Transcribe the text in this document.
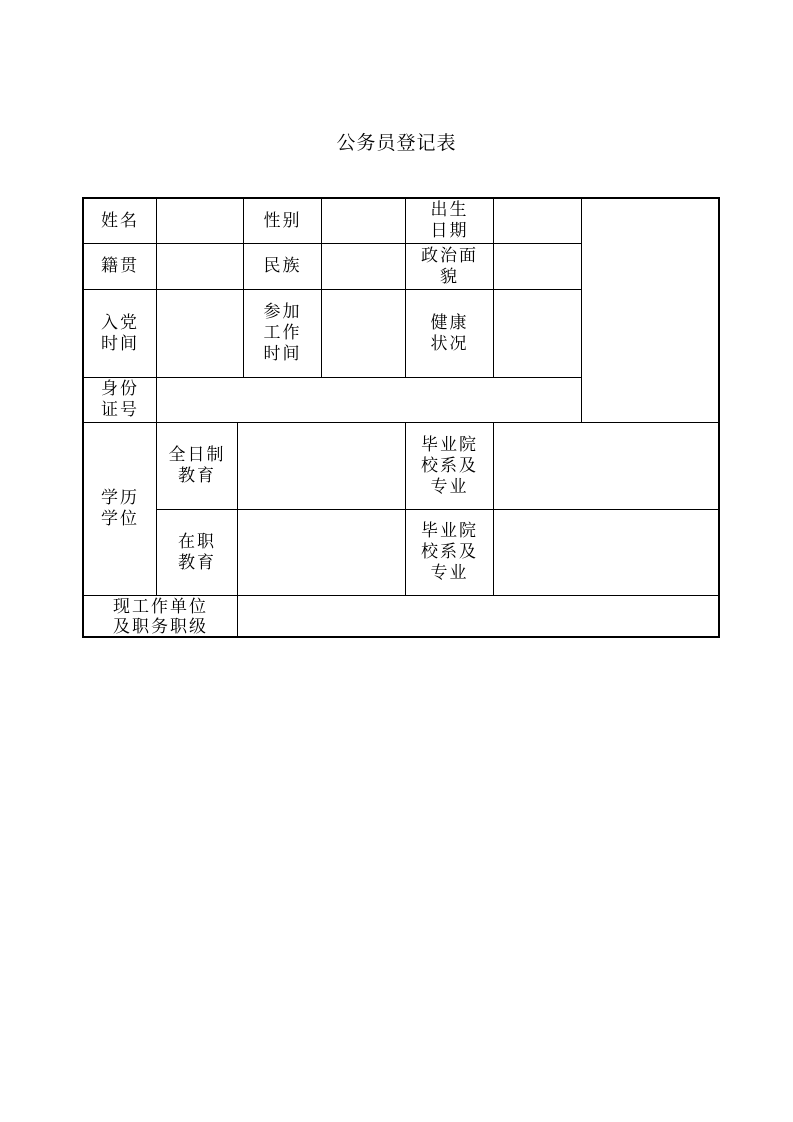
公务员登记表
姓名	性别
出生日期
籍贯	民族
政治面貌
入党时间
参加工作时间
健康状况
身份证号
学历学位
全日制教育
毕业院校系及专业
在职教育
毕业院校系及专业
现工作单位及职务职级
